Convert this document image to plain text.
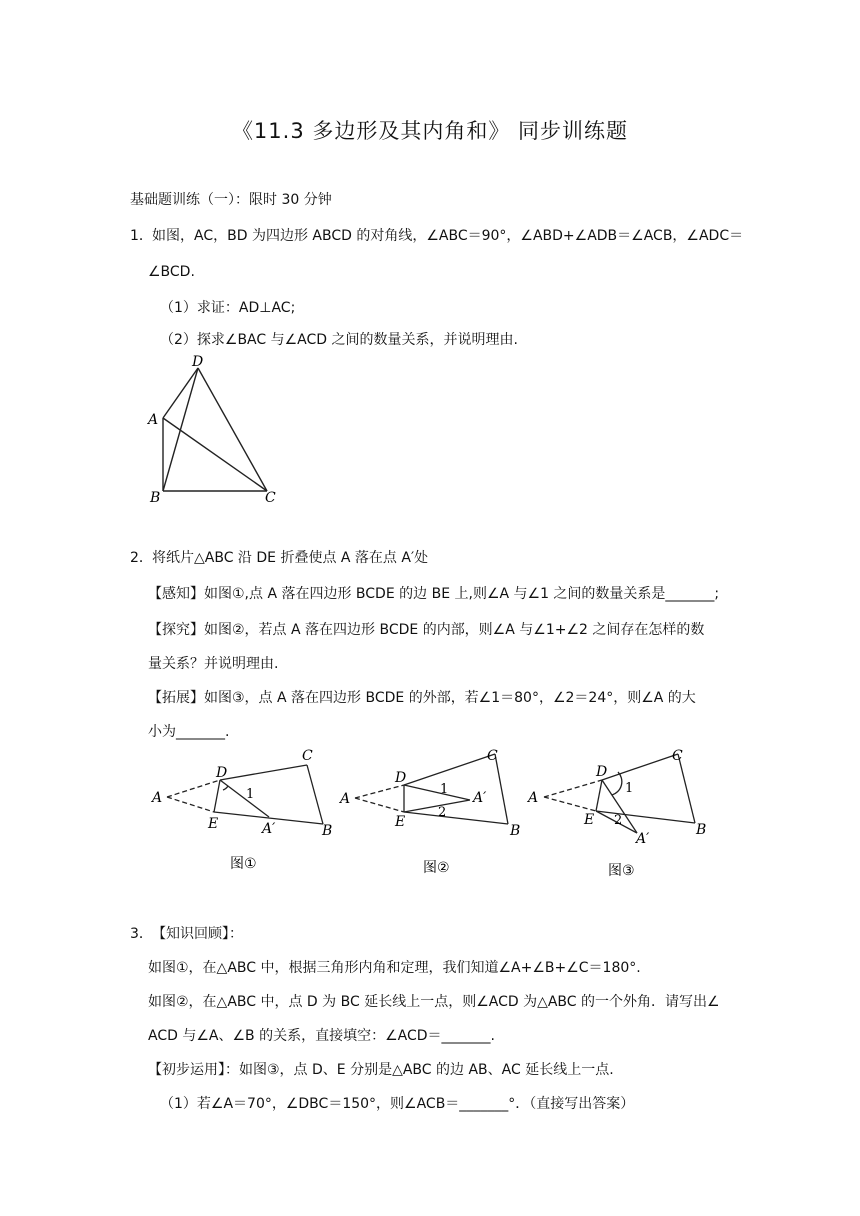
《11.3 多边形及其内角和》 同步训练题
基础题训练（一）：限时 30 分钟
1． 如图，AC，BD 为四边形 ABCD 的对角线，∠ABC＝90°，∠ABD+∠ADB＝∠ACB，∠ADC＝
∠BCD.
（1）求证：AD⊥AC;
（2）探求∠BAC 与∠ACD 之间的数量关系，并说明理由.
D
A
B	C
2． 将纸片△ABC 沿 DE 折叠使点 A 落在点 A′处
【感知】如图①,点 A 落在四边形 BCDE 的边 BE 上,则∠A 与∠1 之间的数量关系是_______;
【探究】如图②，若点 A 落在四边形 BCDE 的内部，则∠A 与∠1+∠2 之间存在怎样的数
量关系？并说明理由.
【拓展】如图③，点 A 落在四边形 BCDE 的外部，若∠1＝80°，∠2＝24°，则∠A 的大
小为_______.
A
D
C
E	A′	B
1
图①
A
D
C
E
A′
B
1
2
图②
A
D
C
E
A′
B
1
2
图③
3． 【知识回顾】：
如图①，在△ABC 中，根据三角形内角和定理，我们知道∠A+∠B+∠C＝180°.
如图②，在△ABC 中，点 D 为 BC 延长线上一点，则∠ACD 为△ABC 的一个外角．请写出∠
ACD 与∠A、∠B 的关系，直接填空：∠ACD＝_______.
【初步运用】：如图③，点 D、E 分别是△ABC 的边 AB、AC 延长线上一点.
（1）若∠A＝70°，∠DBC＝150°，则∠ACB＝_______°．（直接写出答案）
